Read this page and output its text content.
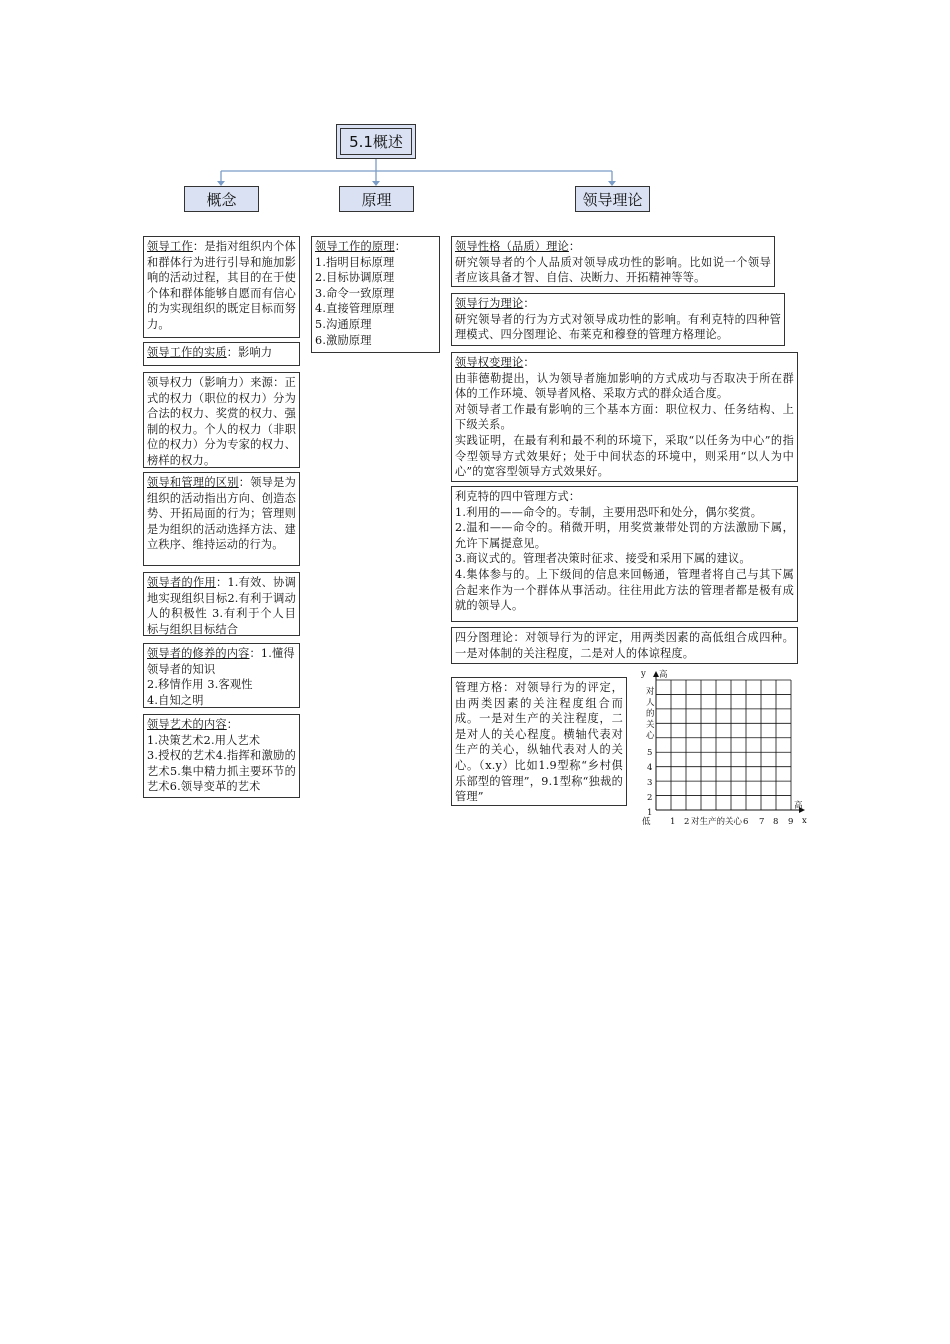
5.1概述
概念	原理	领导理论
领导工作：是指对组织内个体和群体行为进行引导和施加影响的活动过程，其目的在于使个体和群体能够自愿而有信心的为实现组织的既定目标而努力。
领导工作的实质：影响力
领导权力（影响力）来源：正式的权力（职位的权力）分为合法的权力、奖赏的权力、强制的权力。个人的权力（非职位的权力）分为专家的权力、榜样的权力。
领导和管理的区别：领导是为组织的活动指出方向、创造态势、开拓局面的行为；管理则是为组织的活动选择方法、建立秩序、维持运动的行为。
领导者的作用：1.有效、协调地实现组织目标2.有利于调动人的积极性 3.有利于个人目标与组织目标结合
领导者的修养的内容：1.懂得领导者的知识
2.移情作用 3.客观性
4.自知之明
领导艺术的内容：
1.决策艺术2.用人艺术
3.授权的艺术4.指挥和激励的艺术5.集中精力抓主要环节的艺术6.领导变革的艺术
领导工作的原理：
1.指明目标原理
2.目标协调原理
3.命令一致原理
4.直接管理原理
5.沟通原理
6.激励原理
领导性格（品质）理论：
研究领导者的个人品质对领导成功性的影响。比如说一个领导者应该具备才智、自信、决断力、开拓精神等等。
领导行为理论：
研究领导者的行为方式对领导成功性的影响。有利克特的四种管理模式、四分图理论、布莱克和穆登的管理方格理论。
领导权变理论：
由菲德勒提出，认为领导者施加影响的方式成功与否取决于所在群体的工作环境、领导者风格、采取方式的群众适合度。
对领导者工作最有影响的三个基本方面：职位权力、任务结构、上下级关系。
实践证明，在最有利和最不利的环境下，采取“以任务为中心”的指令型领导方式效果好；处于中间状态的环境中，则采用“以人为中心”的宽容型领导方式效果好。
利克特的四中管理方式：
1.利用的——命令的。专制，主要用恐吓和处分，偶尔奖赏。
2.温和——命令的。稍微开明，用奖赏兼带处罚的方法激励下属，允许下属提意见。
3.商议式的。管理者决策时征求、接受和采用下属的建议。
4.集体参与的。上下级间的信息来回畅通，管理者将自己与其下属合起来作为一个群体从事活动。往往用此方法的管理者都是极有成就的领导人。
四分图理论：对领导行为的评定，用两类因素的高低组合成四种。一是对体制的关注程度，二是对人的体谅程度。
管理方格：对领导行为的评定，由两类因素的关注程度组合而成。一是对生产的关注程度，二是对人的关心程度。横轴代表对生产的关心，纵轴代表对人的关心。（x.y）比如1.9型称“乡村俱乐部型的管理”，9.1型称“独裁的管理”
y 高
高
x
低
对
人
的
关
心
5
4
3
2
1
1 2 对生产的关心 6 7 8 9
